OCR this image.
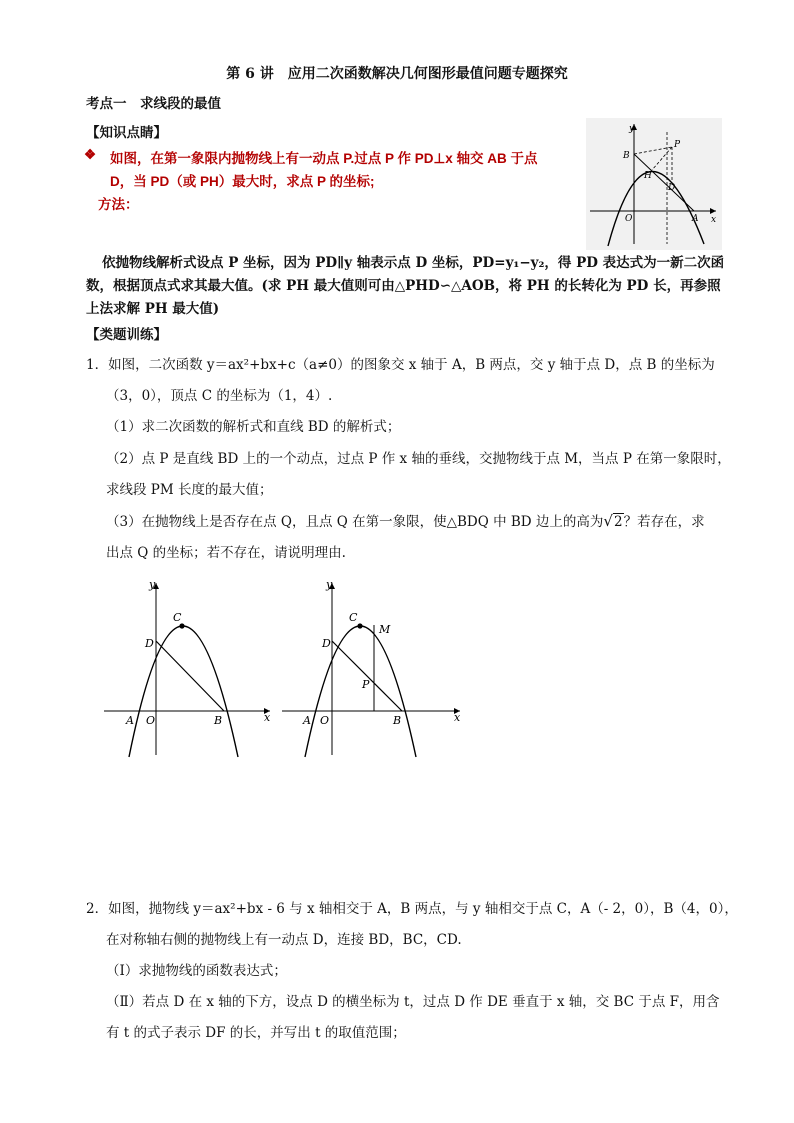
第 6 讲　应用二次函数解决几何图形最值问题专题探究
考点一　求线段的最值
【知识点睛】
❖ 如图，在第一象限内抛物线上有一动点 P.过点 P 作 PD⊥x 轴交 AB 于点
D，当 PD（或 PH）最大时，求点 P 的坐标;
方法：
y
x
P
B
H
D
O	A
依抛物线解析式设点 P 坐标，因为 PD∥y 轴表示点 D 坐标，PD=y₁−y₂，得 PD 表达式为一新二次函
数，根据顶点式求其最大值。(求 PH 最大值则可由△PHD∽△AOB，将 PH 的长转化为 PD 长，再参照
上法求解 PH 最大值)
【类题训练】
1．如图，二次函数 y＝ax²+bx+c（a≠0）的图象交 x 轴于 A，B 两点，交 y 轴于点 D，点 B 的坐标为
（3，0），顶点 C 的坐标为（1，4）.
（1）求二次函数的解析式和直线 BD 的解析式；
（2）点 P 是直线 BD 上的一个动点，过点 P 作 x 轴的垂线，交抛物线于点 M，当点 P 在第一象限时，
求线段 PM 长度的最大值；
（3）在抛物线上是否存在点 Q，且点 Q 在第一象限，使△BDQ 中 BD 边上的高为√2？若存在，求
出点 Q 的坐标；若不存在，请说明理由.
y
x
C
D
A O	B
y
x
C
D
M
P
A O	B
2．如图，抛物线 y＝ax²+bx - 6 与 x 轴相交于 A，B 两点，与 y 轴相交于点 C，A（- 2，0），B（4，0），
在对称轴右侧的抛物线上有一动点 D，连接 BD，BC，CD.
（Ⅰ）求抛物线的函数表达式；
（Ⅱ）若点 D 在 x 轴的下方，设点 D 的横坐标为 t，过点 D 作 DE 垂直于 x 轴，交 BC 于点 F，用含
有 t 的式子表示 DF 的长，并写出 t 的取值范围；
